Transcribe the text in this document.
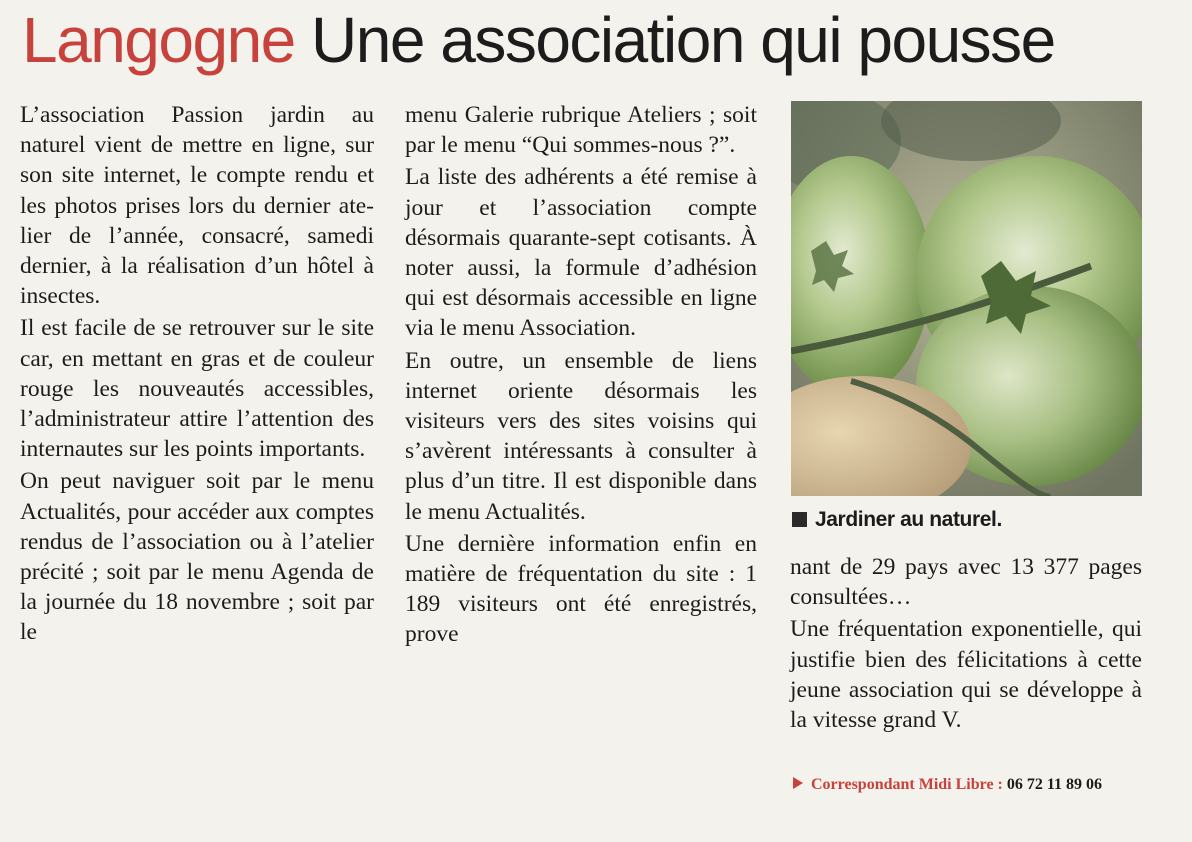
Langogne Une association qui pousse

L’association Passion jardin au naturel vient de mettre en ligne, sur son site internet, le compte rendu et les photos prises lors du dernier atelier de l’année, consacré, samedi dernier, à la réalisation d’un hôtel à insectes.

Il est facile de se retrouver sur le site car, en mettant en gras et de couleur rouge les nouveautés accessibles, l’administrateur attire l’attention des internautes sur les points importants.

On peut naviguer soit par le menu Actualités, pour accéder aux comptes rendus de l’association ou à l’atelier précité ; soit par le menu Agenda de la journée du 18 novembre ; soit par le

menu Galerie rubrique Ateliers ; soit par le menu “Qui sommes-nous ?”.

La liste des adhérents a été remise à jour et l’association compte désormais quarante-sept cotisants. À noter aussi, la formule d’adhésion qui est désormais accessible en ligne via le menu Association.

En outre, un ensemble de liens internet oriente désormais les visiteurs vers des sites voisins qui s’avèrent intéressants à consulter à plus d’un titre. Il est disponible dans le menu Actualités.

Une dernière information enfin en matière de fréquentation du site : 1 189 visiteurs ont été enregistrés, prove

Jardiner au naturel.

nant de 29 pays avec 13 377 pages consultées…

Une fréquentation exponentielle, qui justifie bien des félicitations à cette jeune association qui se développe à la vitesse grand V.

Correspondant Midi Libre : 06 72 11 89 06
